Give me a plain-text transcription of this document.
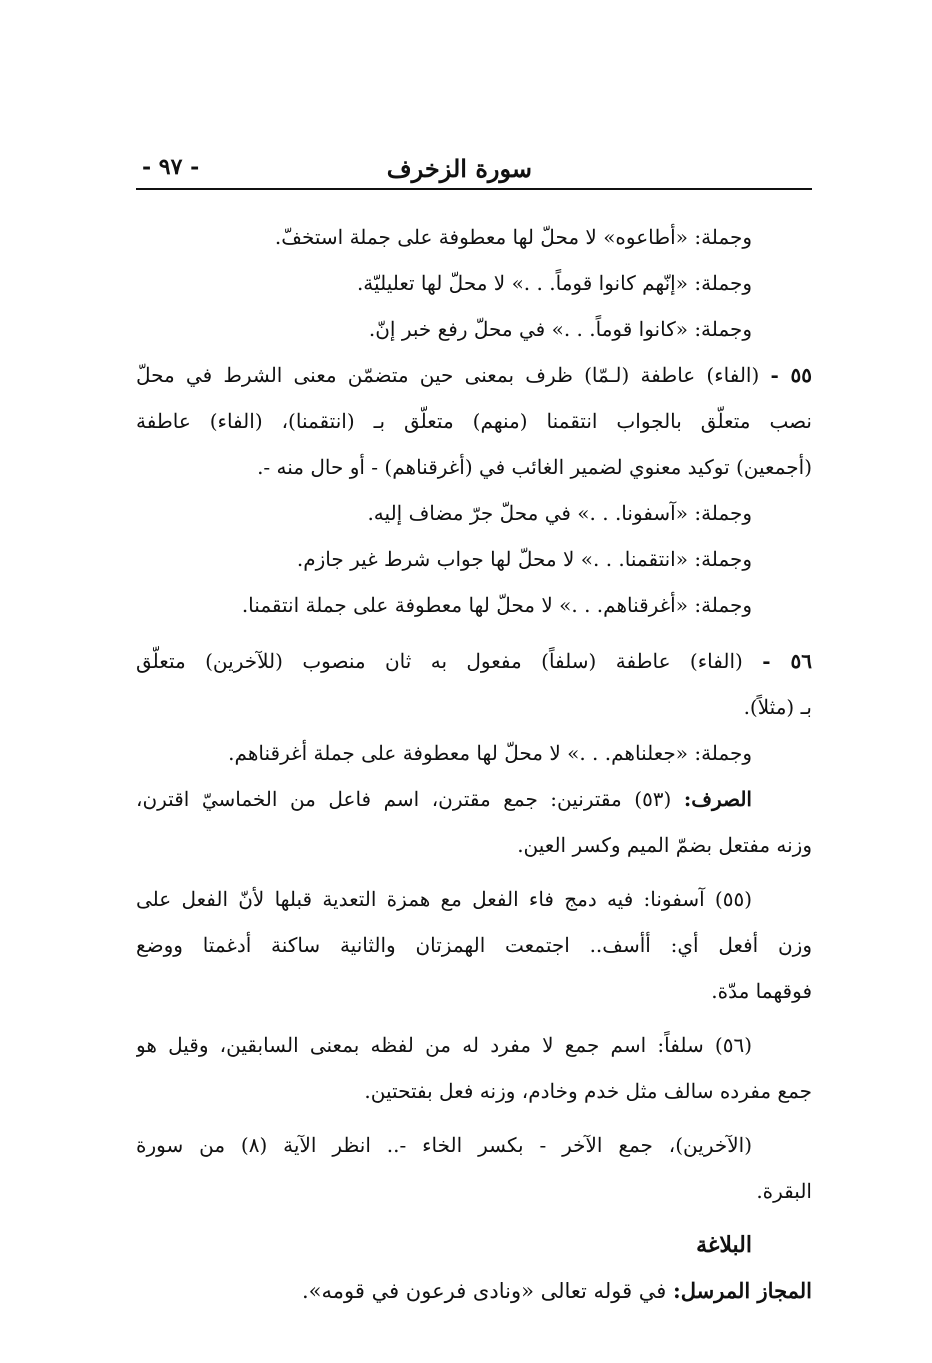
سورة الزخرف
- ٩٧ -
وجملة: «أطاعوه» لا محلّ لها معطوفة على جملة استخفّ.
وجملة: «إنّهم كانوا قوماً. . .» لا محلّ لها تعليليّة.
وجملة: «كانوا قوماً. . .» في محلّ رفع خبر إنّ.
٥٥ - (الفاء) عاطفة (لـمّا) ظرف بمعنى حين متضمّن معنى الشرط في محلّ
نصب متعلّق بالجواب انتقمنا (منهم) متعلّق بـ (انتقمنا)، (الفاء) عاطفة
(أجمعين) توكيد معنوي لضمير الغائب في (أغرقناهم) - أو حال منه -.
وجملة: «آسفونا. . .» في محلّ جرّ مضاف إليه.
وجملة: «انتقمنا. . .» لا محلّ لها جواب شرط غير جازم.
وجملة: «أغرقناهم. . .» لا محلّ لها معطوفة على جملة انتقمنا.
٥٦ - (الفاء) عاطفة (سلفاً) مفعول به ثان منصوب (للآخرين) متعلّق
بـ (مثلاً).
وجملة: «جعلناهم. . .» لا محلّ لها معطوفة على جملة أغرقناهم.
الصرف: (٥٣) مقترنين: جمع مقترن، اسم فاعل من الخماسيّ اقترن،
وزنه مفتعل بضمّ الميم وكسر العين.
(٥٥) آسفونا: فيه دمج فاء الفعل مع همزة التعدية قبلها لأنّ الفعل على
وزن أفعل أي: أأسف.. اجتمعت الهمزتان والثانية ساكنة أدغمتا ووضع
فوقهما مدّة.
(٥٦) سلفاً: اسم جمع لا مفرد له من لفظه بمعنى السابقين، وقيل هو
جمع مفرده سالف مثل خدم وخادم، وزنه فعل بفتحتين.
(الآخرين)، جمع الآخر - بكسر الخاء -.. انظر الآية (٨) من سورة
البقرة.
البلاغة
المجاز المرسل: في قوله تعالى «ونادى فرعون في قومه».
